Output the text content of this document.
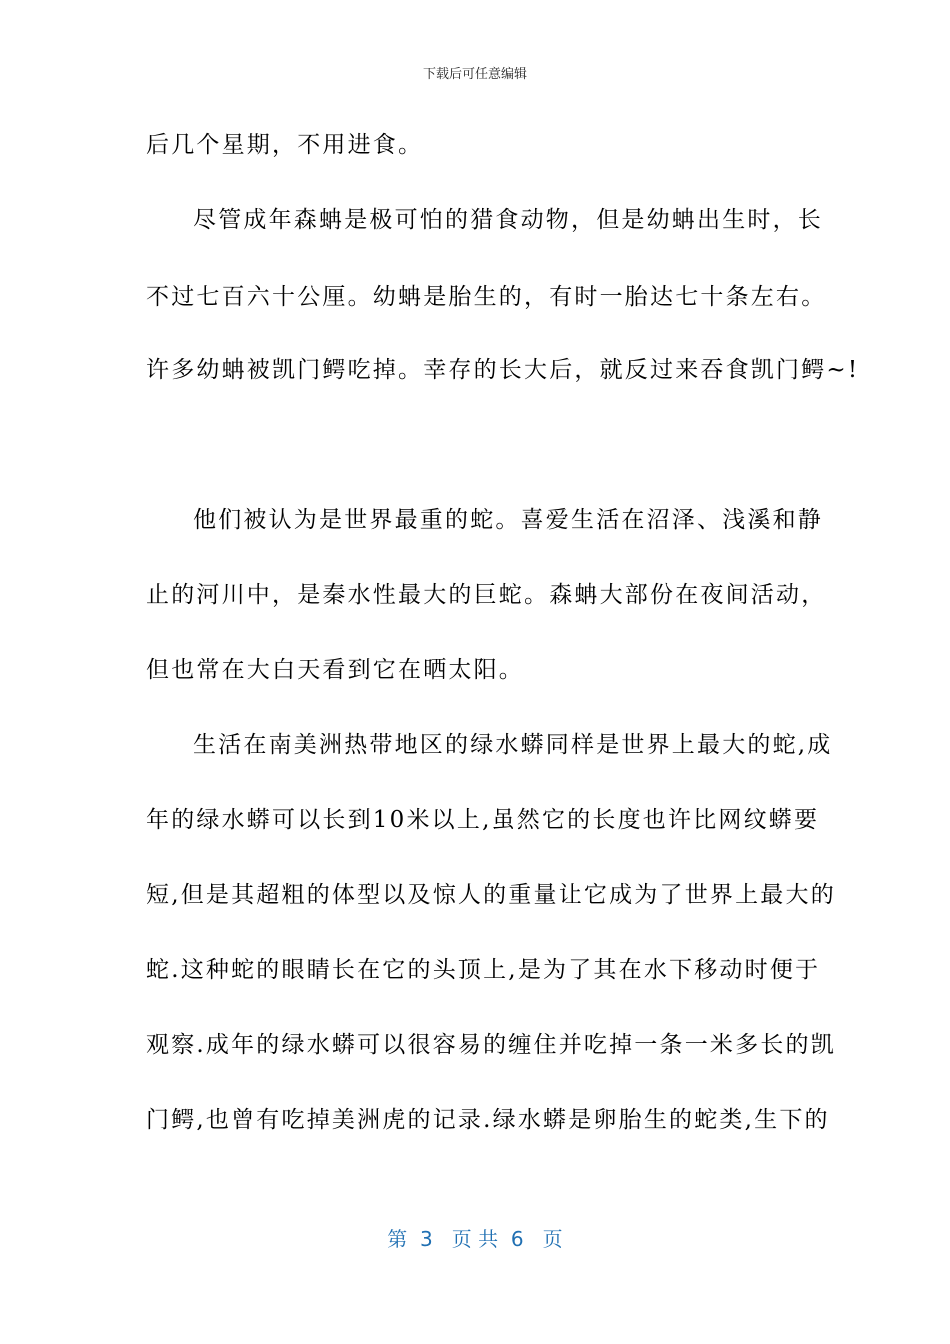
下载后可任意编辑
后几个星期，不用进食。
尽管成年森蚺是极可怕的猎食动物，但是幼蚺出生时，长
不过七百六十公厘。幼蚺是胎生的，有时一胎达七十条左右。
许多幼蚺被凯门鳄吃掉。幸存的长大后，就反过来吞食凯门鳄~!
他们被认为是世界最重的蛇。喜爱生活在沼泽、浅溪和静
止的河川中，是秦水性最大的巨蛇。森蚺大部份在夜间活动，
但也常在大白天看到它在晒太阳。
生活在南美洲热带地区的绿水蟒同样是世界上最大的蛇,成
年的绿水蟒可以长到10米以上,虽然它的长度也许比网纹蟒要
短,但是其超粗的体型以及惊人的重量让它成为了世界上最大的
蛇.这种蛇的眼睛长在它的头顶上,是为了其在水下移动时便于
观察.成年的绿水蟒可以很容易的缠住并吃掉一条一米多长的凯
门鳄,也曾有吃掉美洲虎的记录.绿水蟒是卵胎生的蛇类,生下的
第  3   页 共  6   页
